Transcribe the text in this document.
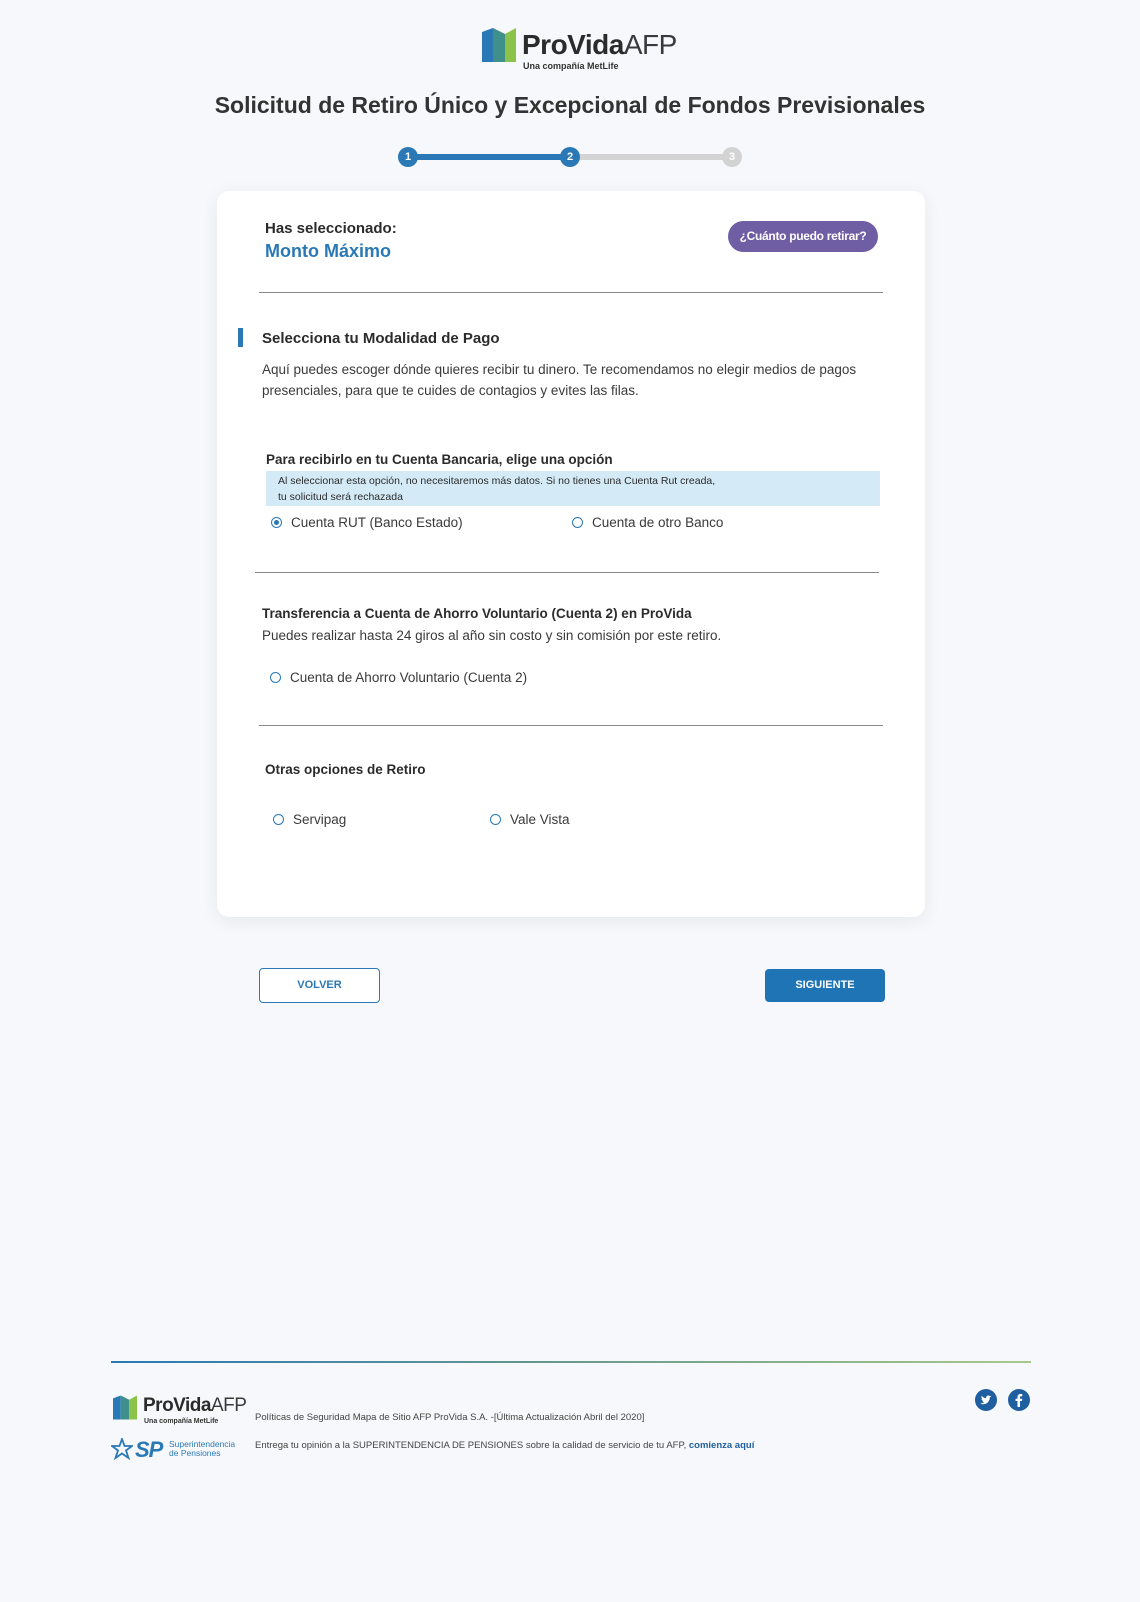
ProVidaAFP
Una compañía MetLife
Solicitud de Retiro Único y Excepcional de Fondos Previsionales
1	2	3
Has seleccionado:
Monto Máximo
¿Cuánto puedo retirar?
Selecciona tu Modalidad de Pago
Aquí puedes escoger dónde quieres recibir tu dinero. Te recomendamos no elegir medios de pagos presenciales, para que te cuides de contagios y evites las filas.
Para recibirlo en tu Cuenta Bancaria, elige una opción
Al seleccionar esta opción, no necesitaremos más datos. Si no tienes una Cuenta Rut creada,
tu solicitud será rechazada
Cuenta RUT (Banco Estado)	Cuenta de otro Banco
Transferencia a Cuenta de Ahorro Voluntario (Cuenta 2) en ProVida
Puedes realizar hasta 24 giros al año sin costo y sin comisión por este retiro.
Cuenta de Ahorro Voluntario (Cuenta 2)
Otras opciones de Retiro
Servipag	Vale Vista
VOLVER	SIGUIENTE
ProVidaAFP
Una compañía MetLife	Políticas de Seguridad Mapa de Sitio AFP ProVida S.A. -[Última Actualización Abril del 2020]
SP Superintendencia
de Pensiones
Entrega tu opinión a la SUPERINTENDENCIA DE PENSIONES sobre la calidad de servicio de tu AFP, comienza aquí
